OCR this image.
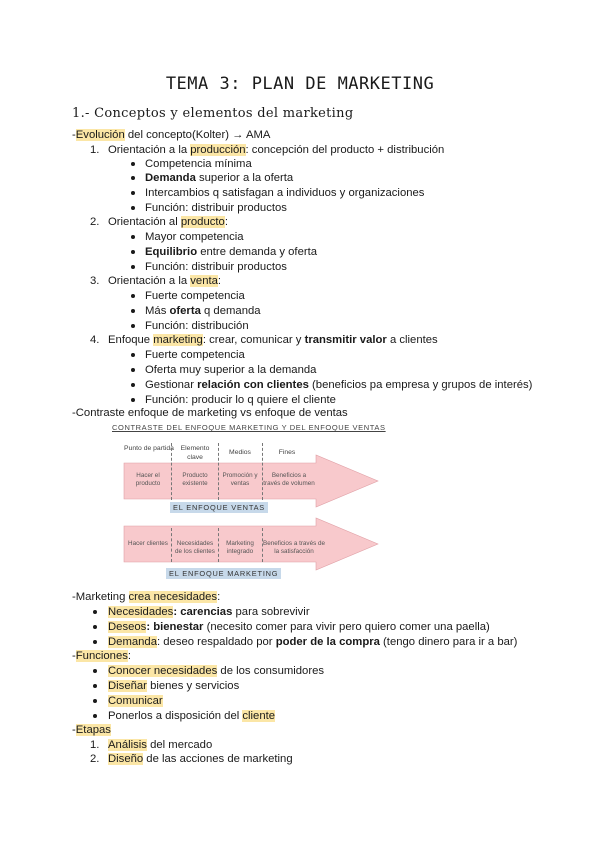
TEMA 3: PLAN DE MARKETING
1.- Conceptos y elementos del marketing
-Evolución del concepto(Kolter) → AMA
1. Orientación a la producción: concepción del producto + distribución
Competencia mínima
Demanda superior a la oferta
Intercambios q satisfagan a individuos y organizaciones
Función: distribuir productos
2. Orientación al producto:
Mayor competencia
Equilibrio entre demanda y oferta
Función: distribuir productos
3. Orientación a la venta:
Fuerte competencia
Más oferta q demanda
Función: distribución
4. Enfoque marketing: crear, comunicar y transmitir valor a clientes
Fuerte competencia
Oferta muy superior a la demanda
Gestionar relación con clientes (beneficios pa empresa y grupos de interés)
Función: producir lo q quiere el cliente
-Contraste enfoque de marketing vs enfoque de ventas
CONTRASTE DEL ENFOQUE MARKETING Y DEL ENFOQUE VENTAS
Punto de partida Elemento clave
Medios	Fines
Hacer el producto
Producto existente
Promoción y ventas
Beneficios a través de volumen
EL ENFOQUE VENTAS
Hacer clientes	Necesidades de los clientes
Marketing integrado
Beneficios a través de la satisfacción
EL ENFOQUE MARKETING
-Marketing crea necesidades:
Necesidades: carencias para sobrevivir
Deseos: bienestar (necesito comer para vivir pero quiero comer una paella)
Demanda: deseo respaldado por poder de la compra (tengo dinero para ir a bar)
-Funciones:
Conocer necesidades de los consumidores
Diseñar bienes y servicios
Comunicar
Ponerlos a disposición del cliente
-Etapas
1. Análisis del mercado
2. Diseño de las acciones de marketing
